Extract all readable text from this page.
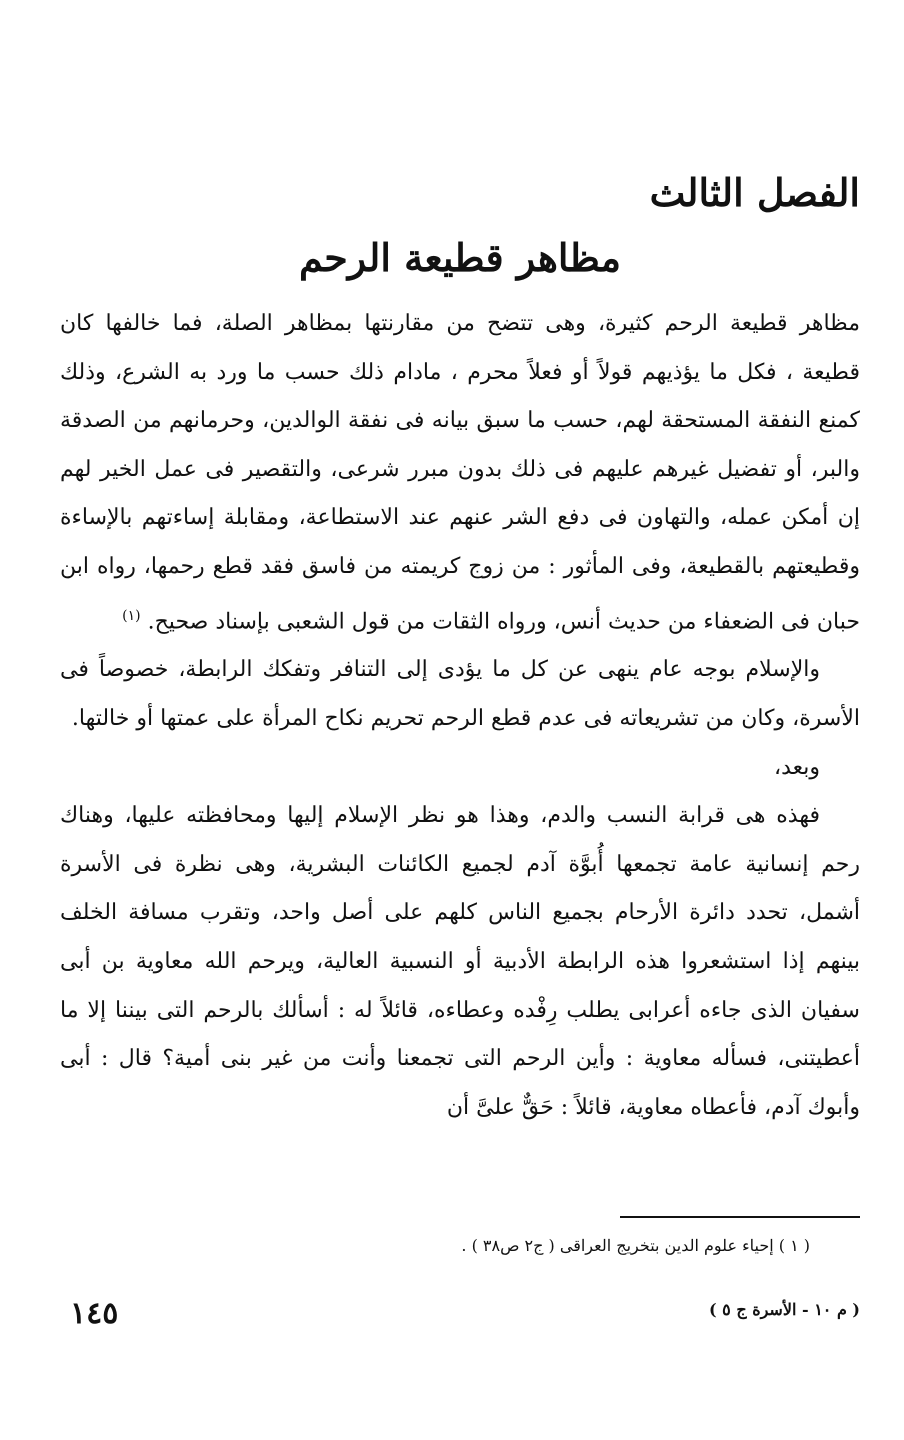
الفصل الثالث
مظاهر قطيعة الرحم

مظاهر قطيعة الرحم كثيرة، وهى تتضح من مقارنتها بمظاهر الصلة، فما خالفها كان قطيعة ، فكل ما يؤذيهم قولاً أو فعلاً محرم ، مادام ذلك حسب ما ورد به الشرع، وذلك كمنع النفقة المستحقة لهم، حسب ما سبق بيانه فى نفقة الوالدين، وحرمانهم من الصدقة والبر، أو تفضيل غيرهم عليهم فى ذلك بدون مبرر شرعى، والتقصير فى عمل الخير لهم إن أمكن عمله، والتهاون فى دفع الشر عنهم عند الاستطاعة، ومقابلة إساءتهم بالإساءة وقطيعتهم بالقطيعة، وفى المأثور : من زوج كريمته من فاسق فقد قطع رحمها، رواه ابن حبان فى الضعفاء من حديث أنس، ورواه الثقات من قول الشعبى بإسناد صحيح. $^{(١)}$

والإسلام بوجه عام ينهى عن كل ما يؤدى إلى التنافر وتفكك الرابطة، خصوصاً فى الأسرة، وكان من تشريعاته فى عدم قطع الرحم تحريم نكاح المرأة على عمتها أو خالتها.

وبعد،

فهذه هى قرابة النسب والدم، وهذا هو نظر الإسلام إليها ومحافظته عليها، وهناك رحم إنسانية عامة تجمعها أُبوَّة آدم لجميع الكائنات البشرية، وهى نظرة فى الأسرة أشمل، تحدد دائرة الأرحام بجميع الناس كلهم على أصل واحد، وتقرب مسافة الخلف بينهم إذا استشعروا هذه الرابطة الأدبية أو النسبية العالية، ويرحم الله معاوية بن أبى سفيان الذى جاءه أعرابى يطلب رِفْده وعطاءه، قائلاً له : أسألك بالرحم التى بيننا إلا ما أعطيتنى، فسأله معاوية : وأين الرحم التى تجمعنا وأنت من غير بنى أمية؟ قال : أبى وأبوك آدم، فأعطاه معاوية، قائلاً : حَقٌّ علىَّ أن

( ١ ) إحياء علوم الدين بتخريج العراقى ( ج٢ ص٣٨ ) .
( م ١٠ - الأسرة ج ٥ )
١٤٥
